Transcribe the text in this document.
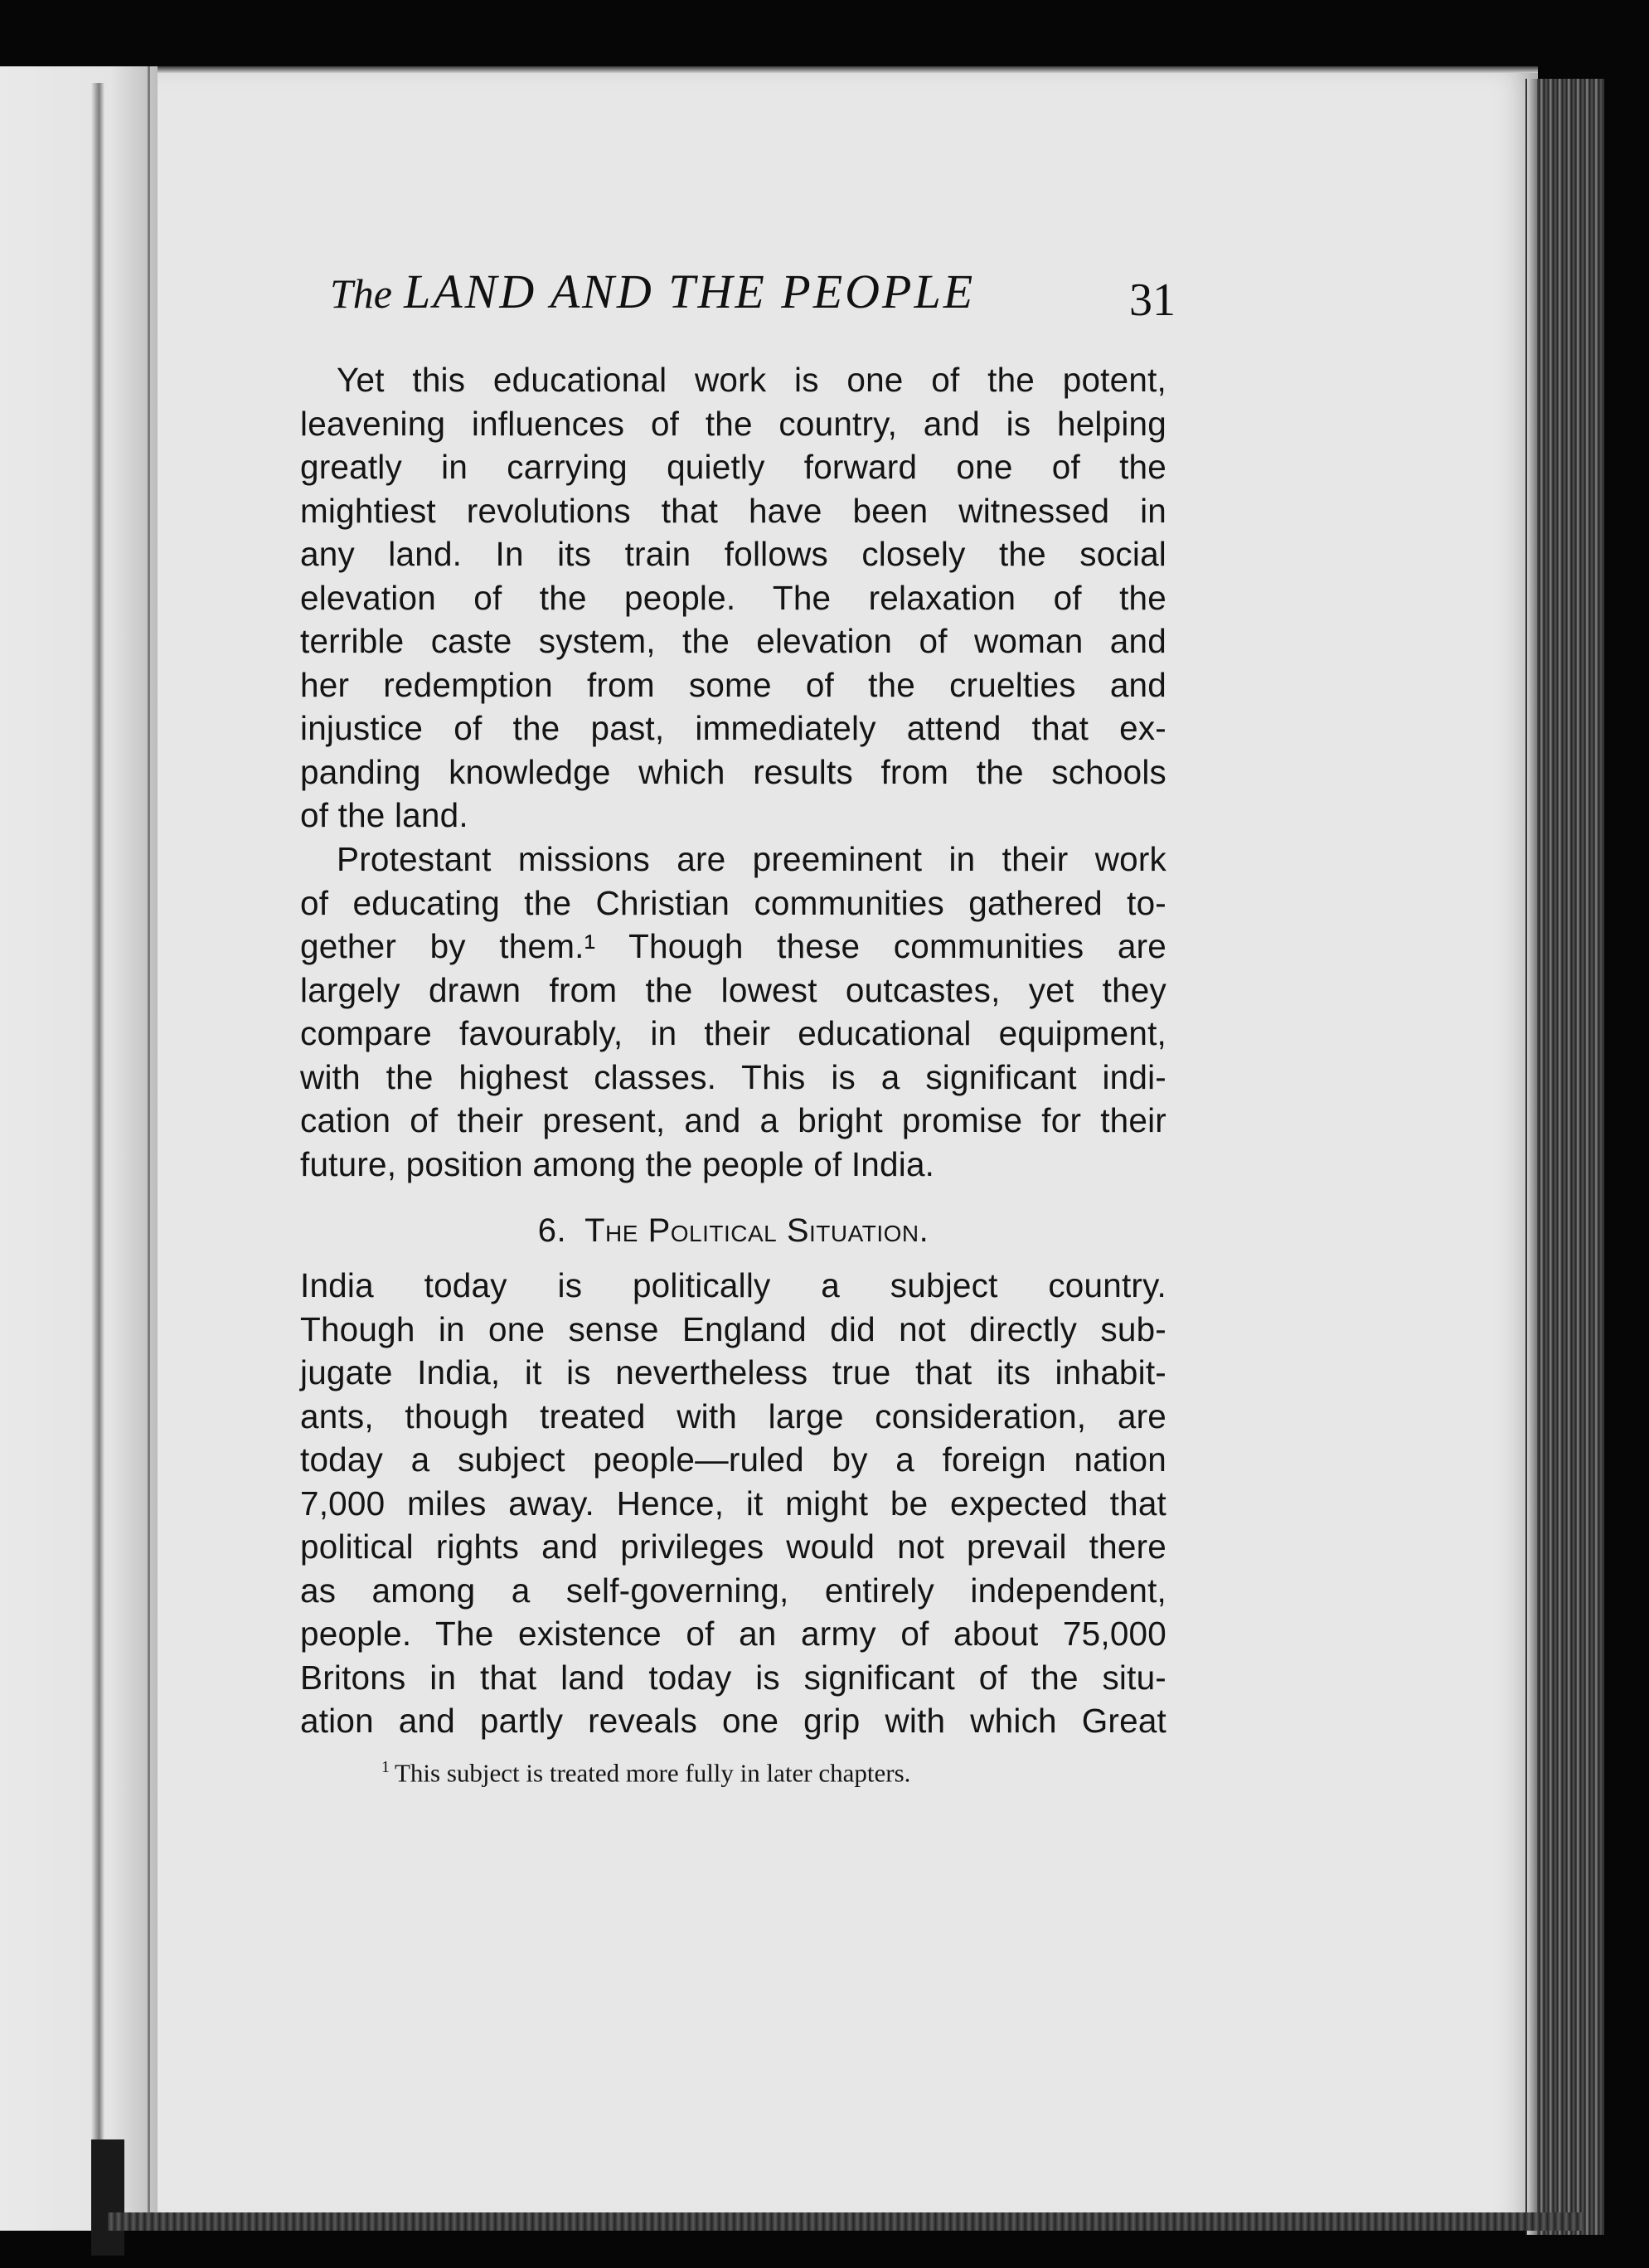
The LAND AND THE PEOPLE	31
Yet this educational work is one of the potent,
leavening influences of the country, and is helping
greatly in carrying quietly forward one of the
mightiest revolutions that have been witnessed in
any land. In its train follows closely the social
elevation of the people. The relaxation of the
terrible caste system, the elevation of woman and
her redemption from some of the cruelties and
injustice of the past, immediately attend that ex-
panding knowledge which results from the schools
of the land.
Protestant missions are preeminent in their work
of educating the Christian communities gathered to-
gether by them.¹ Though these communities are
largely drawn from the lowest outcastes, yet they
compare favourably, in their educational equipment,
with the highest classes. This is a significant indi-
cation of their present, and a bright promise for their
future, position among the people of India.
6. The Political Situation.
India today is politically a subject country.
Though in one sense England did not directly sub-
jugate India, it is nevertheless true that its inhabit-
ants, though treated with large consideration, are
today a subject people—ruled by a foreign nation
7,000 miles away. Hence, it might be expected that
political rights and privileges would not prevail there
as among a self-governing, entirely independent,
people. The existence of an army of about 75,000
Britons in that land today is significant of the situ-
ation and partly reveals one grip with which Great
$^1$ This subject is treated more fully in later chapters.
